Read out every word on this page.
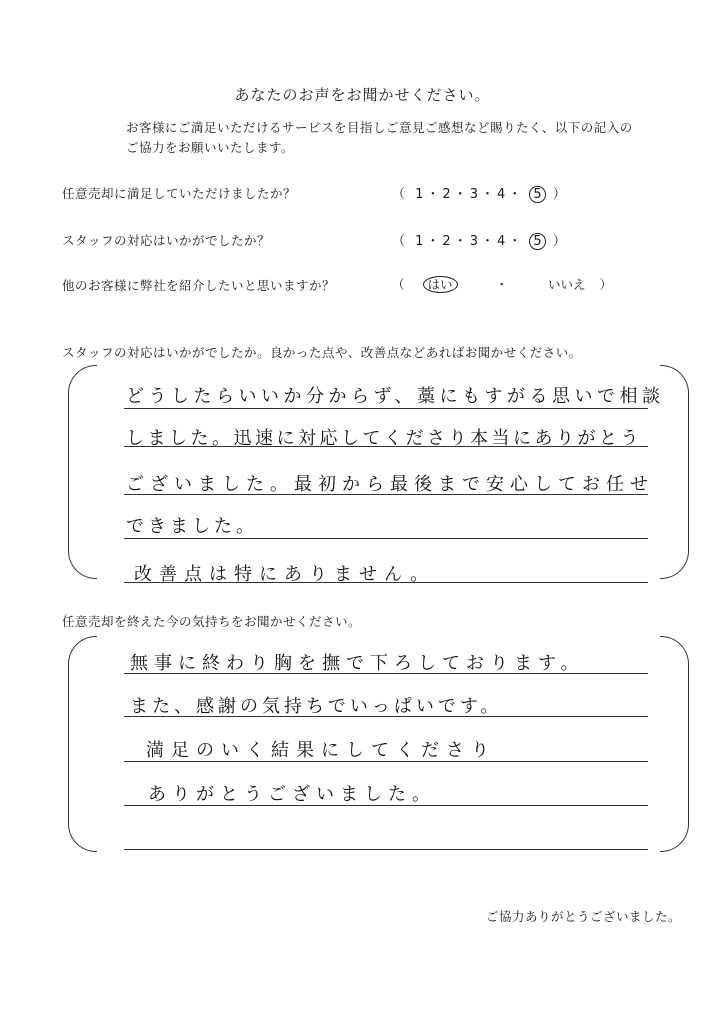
あなたのお声をお聞かせください。
お客様にご満足いただけるサービスを目指しご意見ご感想など賜りたく、以下の記入の
ご協力をお願いいたします。
任意売却に満足していただけましたか？	（ 1・2・3・4・ 5 ）
スタッフの対応はいかがでしたか？	（ 1・2・3・4・ 5 ）
他のお客様に弊社を紹介したいと思いますか？	（ はい	・	いいえ ）
スタッフの対応はいかがでしたか。良かった点や、改善点などあればお聞かせください。
どうしたらいいか分からず、藁にもすがる思いで相談
しました。迅速に対応してくださり本当にありがとう
ございました。最初から最後まで安心してお任せ
できました。
改善点は特にありません。
任意売却を終えた今の気持ちをお聞かせください。
無事に終わり胸を撫で下ろしております。
また、感謝の気持ちでいっぱいです。
満足のいく結果にしてくださり
ありがとうございました。
ご協力ありがとうございました。
